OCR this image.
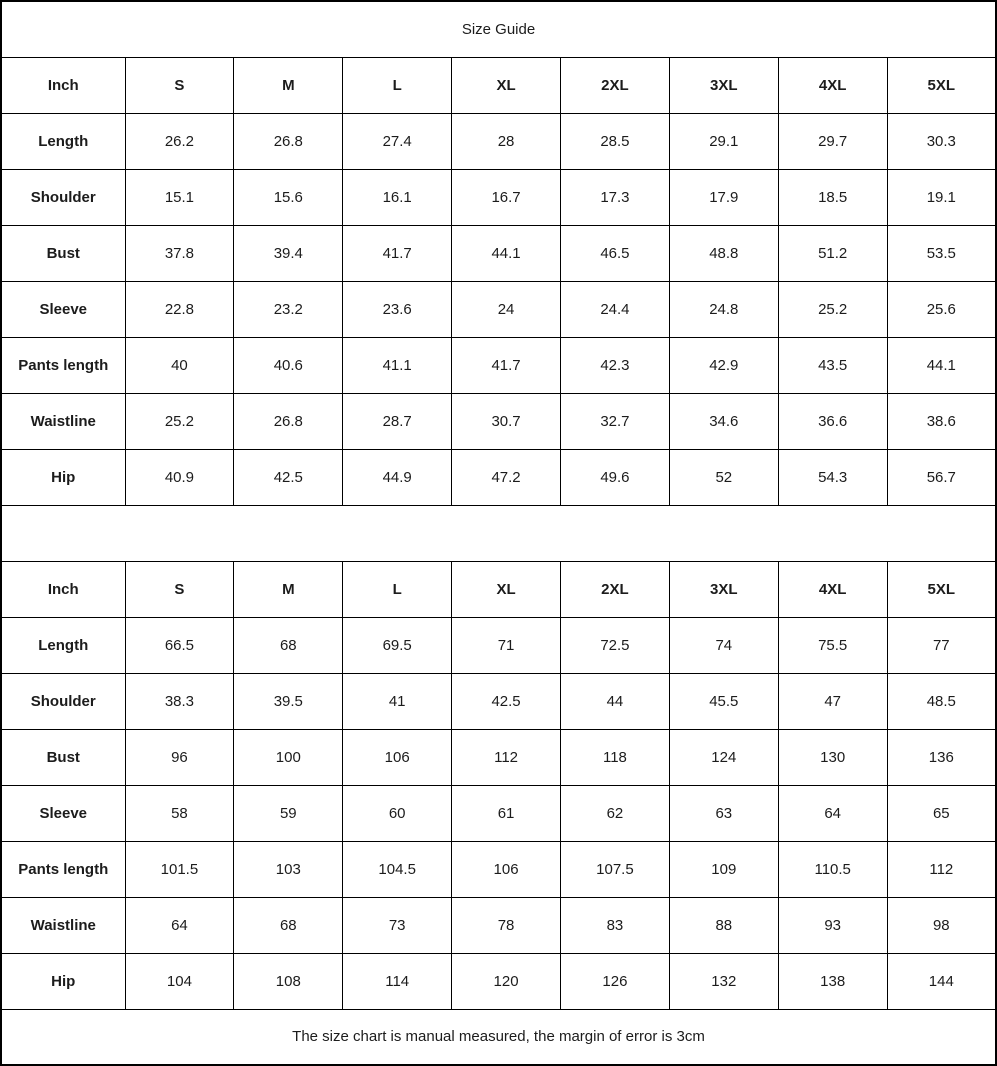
Size Guide								
Inch	S	M	L	XL	2XL	3XL	4XL	5XL
Length	26.2	26.8	27.4	28	28.5	29.1	29.7	30.3
Shoulder	15.1	15.6	16.1	16.7	17.3	17.9	18.5	19.1
Bust	37.8	39.4	41.7	44.1	46.5	48.8	51.2	53.5
Sleeve	22.8	23.2	23.6	24	24.4	24.8	25.2	25.6
Pants length	40	40.6	41.1	41.7	42.3	42.9	43.5	44.1
Waistline	25.2	26.8	28.7	30.7	32.7	34.6	36.6	38.6
Hip	40.9	42.5	44.9	47.2	49.6	52	54.3	56.7

Inch	S	M	L	XL	2XL	3XL	4XL	5XL
Length	66.5	68	69.5	71	72.5	74	75.5	77
Shoulder	38.3	39.5	41	42.5	44	45.5	47	48.5
Bust	96	100	106	112	118	124	130	136
Sleeve	58	59	60	61	62	63	64	65
Pants length	101.5	103	104.5	106	107.5	109	110.5	112
Waistline	64	68	73	78	83	88	93	98
Hip	104	108	114	120	126	132	138	144
The size chart is manual measured, the margin of error is 3cm								
